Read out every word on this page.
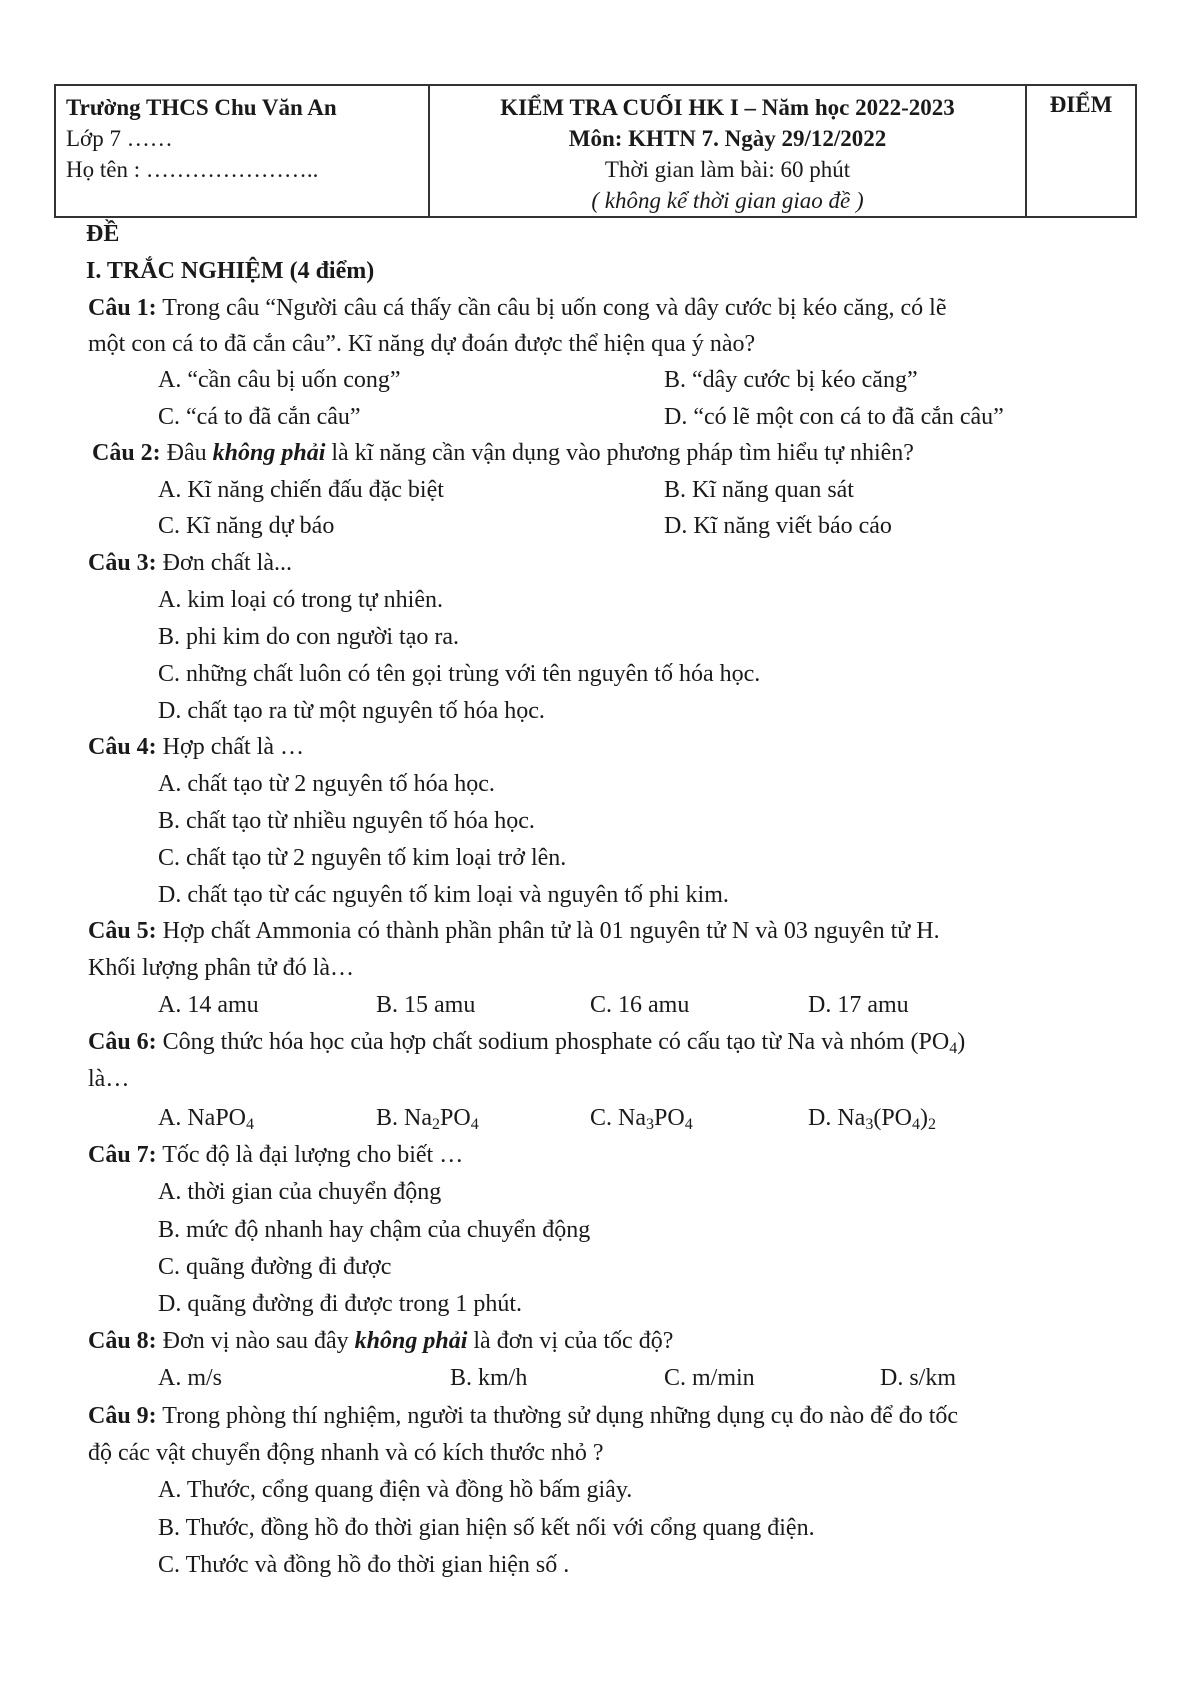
Trường THCS Chu Văn An
Lớp 7 ……
Họ tên : …………………..

KIỂM TRA CUỐI HK I – Năm học 2022-2023
Môn: KHTN 7. Ngày 29/12/2022
Thời gian làm bài: 60 phút
( không kể thời gian giao đề )

ĐIỂM
ĐỀ
I. TRẮC NGHIỆM (4 điểm)
Câu 1: Trong câu “Người câu cá thấy cần câu bị uốn cong và dây cước bị kéo căng, có lẽ
một con cá to đã cắn câu”. Kĩ năng dự đoán được thể hiện qua ý nào?
A. “cần câu bị uốn cong”	B. “dây cước bị kéo căng”
C. “cá to đã cắn câu”	D. “có lẽ một con cá to đã cắn câu”
Câu 2: Đâu không phải là kĩ năng cần vận dụng vào phương pháp tìm hiểu tự nhiên?
A. Kĩ năng chiến đấu đặc biệt	B. Kĩ năng quan sát
C. Kĩ năng dự báo	D. Kĩ năng viết báo cáo
Câu 3: Đơn chất là...
A. kim loại có trong tự nhiên.
B. phi kim do con người tạo ra.
C. những chất luôn có tên gọi trùng với tên nguyên tố hóa học.
D. chất tạo ra từ một nguyên tố hóa học.
Câu 4: Hợp chất là …
A. chất tạo từ 2 nguyên tố hóa học.
B. chất tạo từ nhiều nguyên tố hóa học.
C. chất tạo từ 2 nguyên tố kim loại trở lên.
D. chất tạo từ các nguyên tố kim loại và nguyên tố phi kim.
Câu 5: Hợp chất Ammonia có thành phần phân tử là 01 nguyên tử N và 03 nguyên tử H.
Khối lượng phân tử đó là…
A. 14 amu	B. 15 amu	C. 16 amu	D. 17 amu
Câu 6: Công thức hóa học của hợp chất sodium phosphate có cấu tạo từ Na và nhóm $(PO_4)$
là…
A. NaPO$_4$	B. $Na_2PO_4$	C. $Na_3PO_4$	D. $Na_3(PO_4)_2$
Câu 7: Tốc độ là đại lượng cho biết …
A. thời gian của chuyển động
B. mức độ nhanh hay chậm của chuyển động
C. quãng đường đi được
D. quãng đường đi được trong 1 phút.
Câu 8: Đơn vị nào sau đây không phải là đơn vị của tốc độ?
A. m/s	B. km/h	C. m/min	D. s/km
Câu 9: Trong phòng thí nghiệm, người ta thường sử dụng những dụng cụ đo nào để đo tốc
độ các vật chuyển động nhanh và có kích thước nhỏ ?
A. Thước, cổng quang điện và đồng hồ bấm giây.
B. Thước, đồng hồ đo thời gian hiện số kết nối với cổng quang điện.
C. Thước và đồng hồ đo thời gian hiện số .
